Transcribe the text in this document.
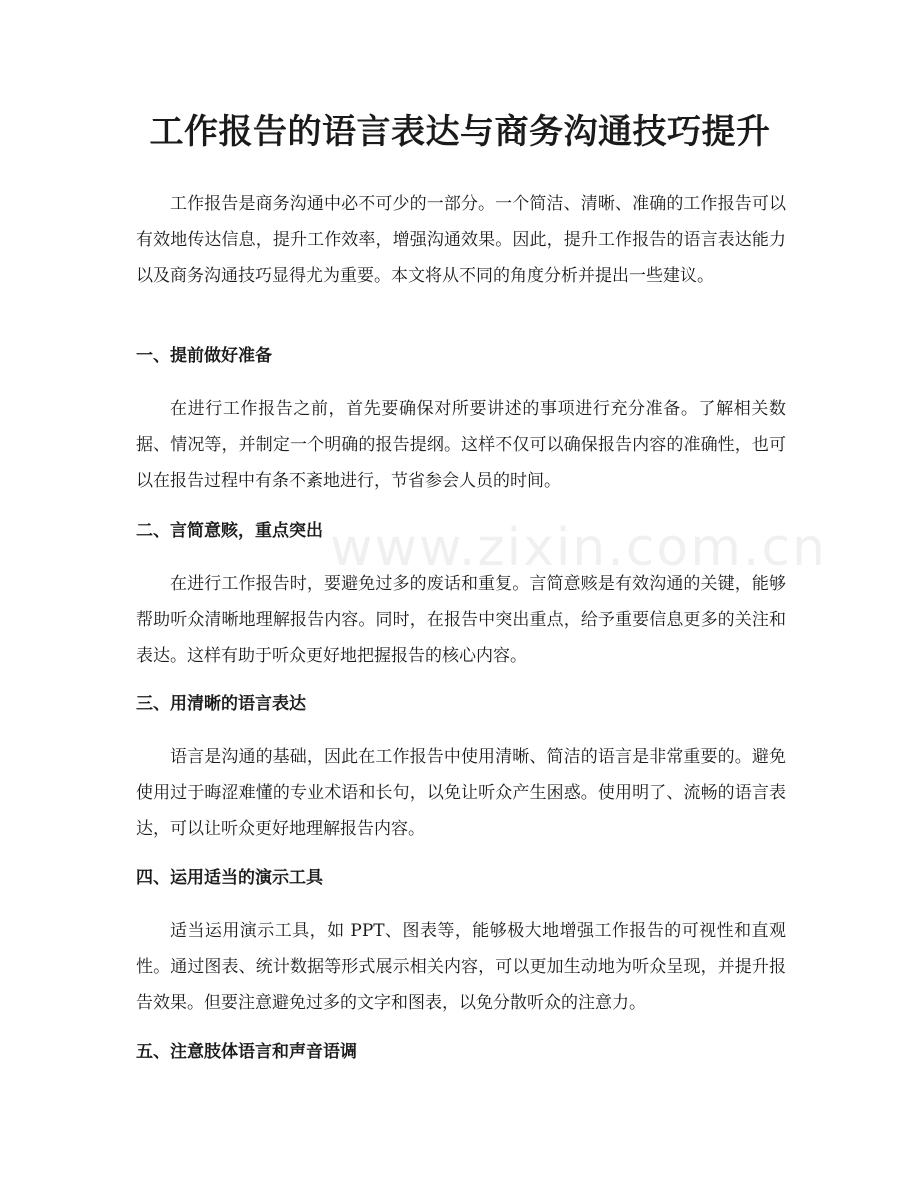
工作报告的语言表达与商务沟通技巧提升

工作报告是商务沟通中必不可少的一部分。一个简洁、清晰、准确的工作报告可以有效地传达信息，提升工作效率，增强沟通效果。因此，提升工作报告的语言表达能力以及商务沟通技巧显得尤为重要。本文将从不同的角度分析并提出一些建议。

一、提前做好准备

在进行工作报告之前，首先要确保对所要讲述的事项进行充分准备。了解相关数据、情况等，并制定一个明确的报告提纲。这样不仅可以确保报告内容的准确性，也可以在报告过程中有条不紊地进行，节省参会人员的时间。

二、言简意赅，重点突出

在进行工作报告时，要避免过多的废话和重复。言简意赅是有效沟通的关键，能够帮助听众清晰地理解报告内容。同时，在报告中突出重点，给予重要信息更多的关注和表达。这样有助于听众更好地把握报告的核心内容。

三、用清晰的语言表达

语言是沟通的基础，因此在工作报告中使用清晰、简洁的语言是非常重要的。避免使用过于晦涩难懂的专业术语和长句，以免让听众产生困惑。使用明了、流畅的语言表达，可以让听众更好地理解报告内容。

四、运用适当的演示工具

适当运用演示工具，如 PPT、图表等，能够极大地增强工作报告的可视性和直观性。通过图表、统计数据等形式展示相关内容，可以更加生动地为听众呈现，并提升报告效果。但要注意避免过多的文字和图表，以免分散听众的注意力。

五、注意肢体语言和声音语调
www.zixin.com.cn
